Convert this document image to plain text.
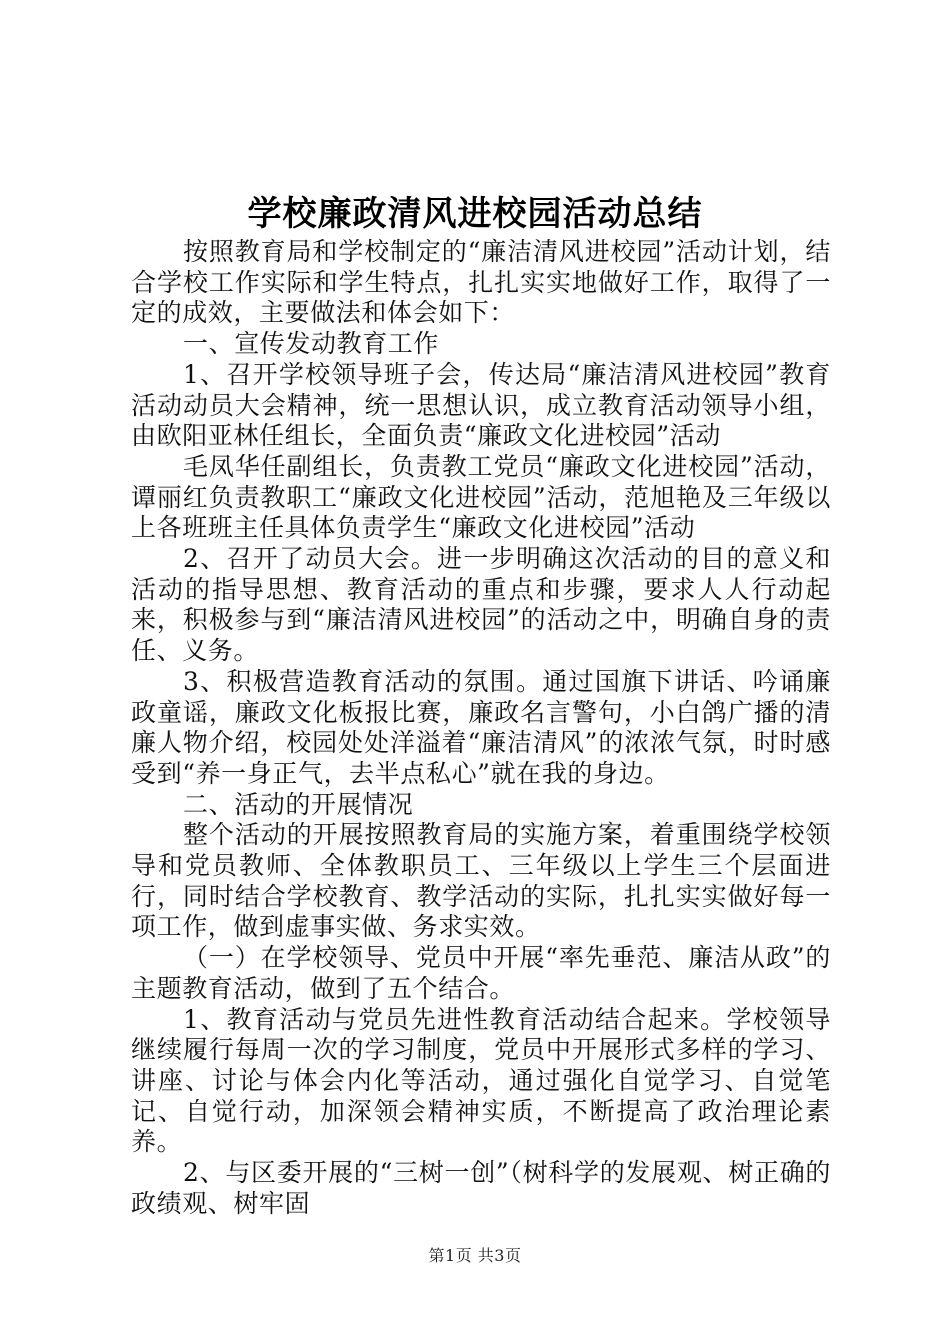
学校廉政清风进校园活动总结

按照教育局和学校制定的“廉洁清风进校园”活动计划，结合学校工作实际和学生特点，扎扎实实地做好工作，取得了一定的成效，主要做法和体会如下：

一、宣传发动教育工作

1、召开学校领导班子会，传达局“廉洁清风进校园”教育活动动员大会精神，统一思想认识，成立教育活动领导小组，由欧阳亚林任组长，全面负责“廉政文化进校园”活动

毛凤华任副组长，负责教工党员“廉政文化进校园”活动，谭丽红负责教职工“廉政文化进校园”活动，范旭艳及三年级以上各班班主任具体负责学生“廉政文化进校园”活动

2、召开了动员大会。进一步明确这次活动的目的意义和活动的指导思想、教育活动的重点和步骤，要求人人行动起来，积极参与到“廉洁清风进校园”的活动之中，明确自身的责任、义务。

3、积极营造教育活动的氛围。通过国旗下讲话、吟诵廉政童谣，廉政文化板报比赛，廉政名言警句，小白鸽广播的清廉人物介绍，校园处处洋溢着“廉洁清风”的浓浓气氛，时时感受到“养一身正气，去半点私心”就在我的身边。

二、活动的开展情况

整个活动的开展按照教育局的实施方案，着重围绕学校领导和党员教师、全体教职员工、三年级以上学生三个层面进行，同时结合学校教育、教学活动的实际，扎扎实实做好每一项工作，做到虚事实做、务求实效。

（一）在学校领导、党员中开展“率先垂范、廉洁从政”的主题教育活动，做到了五个结合。

1、教育活动与党员先进性教育活动结合起来。学校领导继续履行每周一次的学习制度，党员中开展形式多样的学习、讲座、讨论与体会内化等活动，通过强化自觉学习、自觉笔记、自觉行动，加深领会精神实质，不断提高了政治理论素养。

2、与区委开展的“三树一创”（树科学的发展观、树正确的政绩观、树牢固

第1页 共3页
